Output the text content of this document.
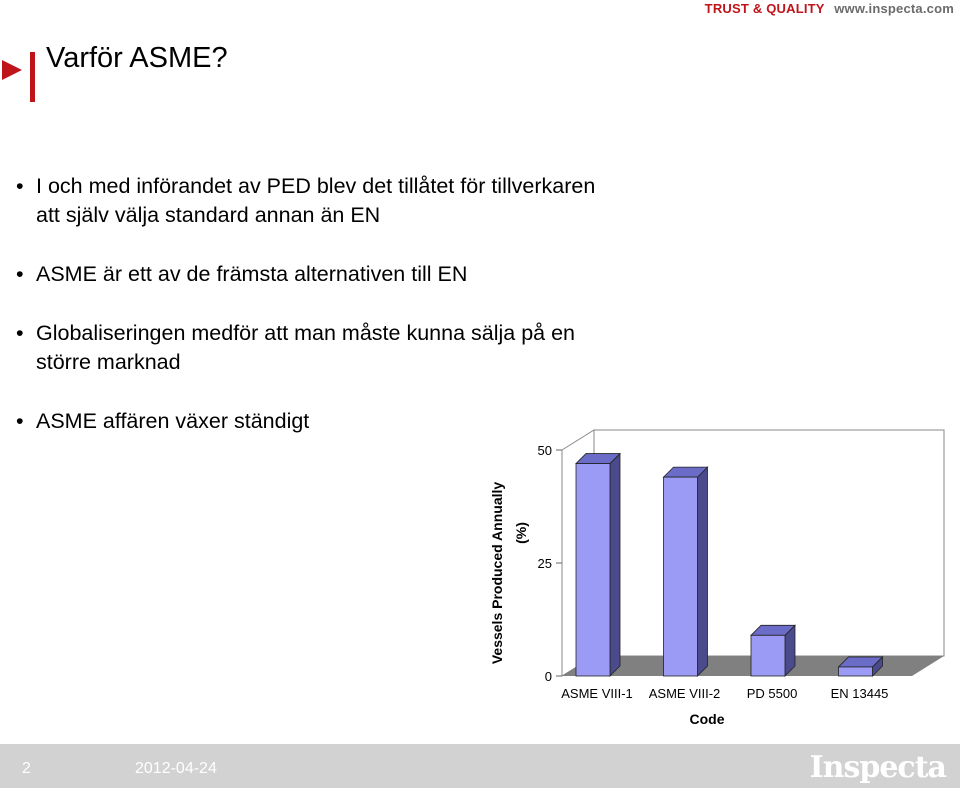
TRUST & QUALITY www.inspecta.com
Varför ASME?
• I och med införandet av PED blev det tillåtet för tillverkaren att själv välja standard annan än EN
• ASME är ett av de främsta alternativen till EN
• Globaliseringen medför att man måste kunna sälja på en större marknad
• ASME affären växer ständigt
0
25
50
ASME VIII-1 ASME VIII-2 PD 5500	EN 13445
Code
Vessels Produced Annually (%)
2	2012-04-24	Inspecta
